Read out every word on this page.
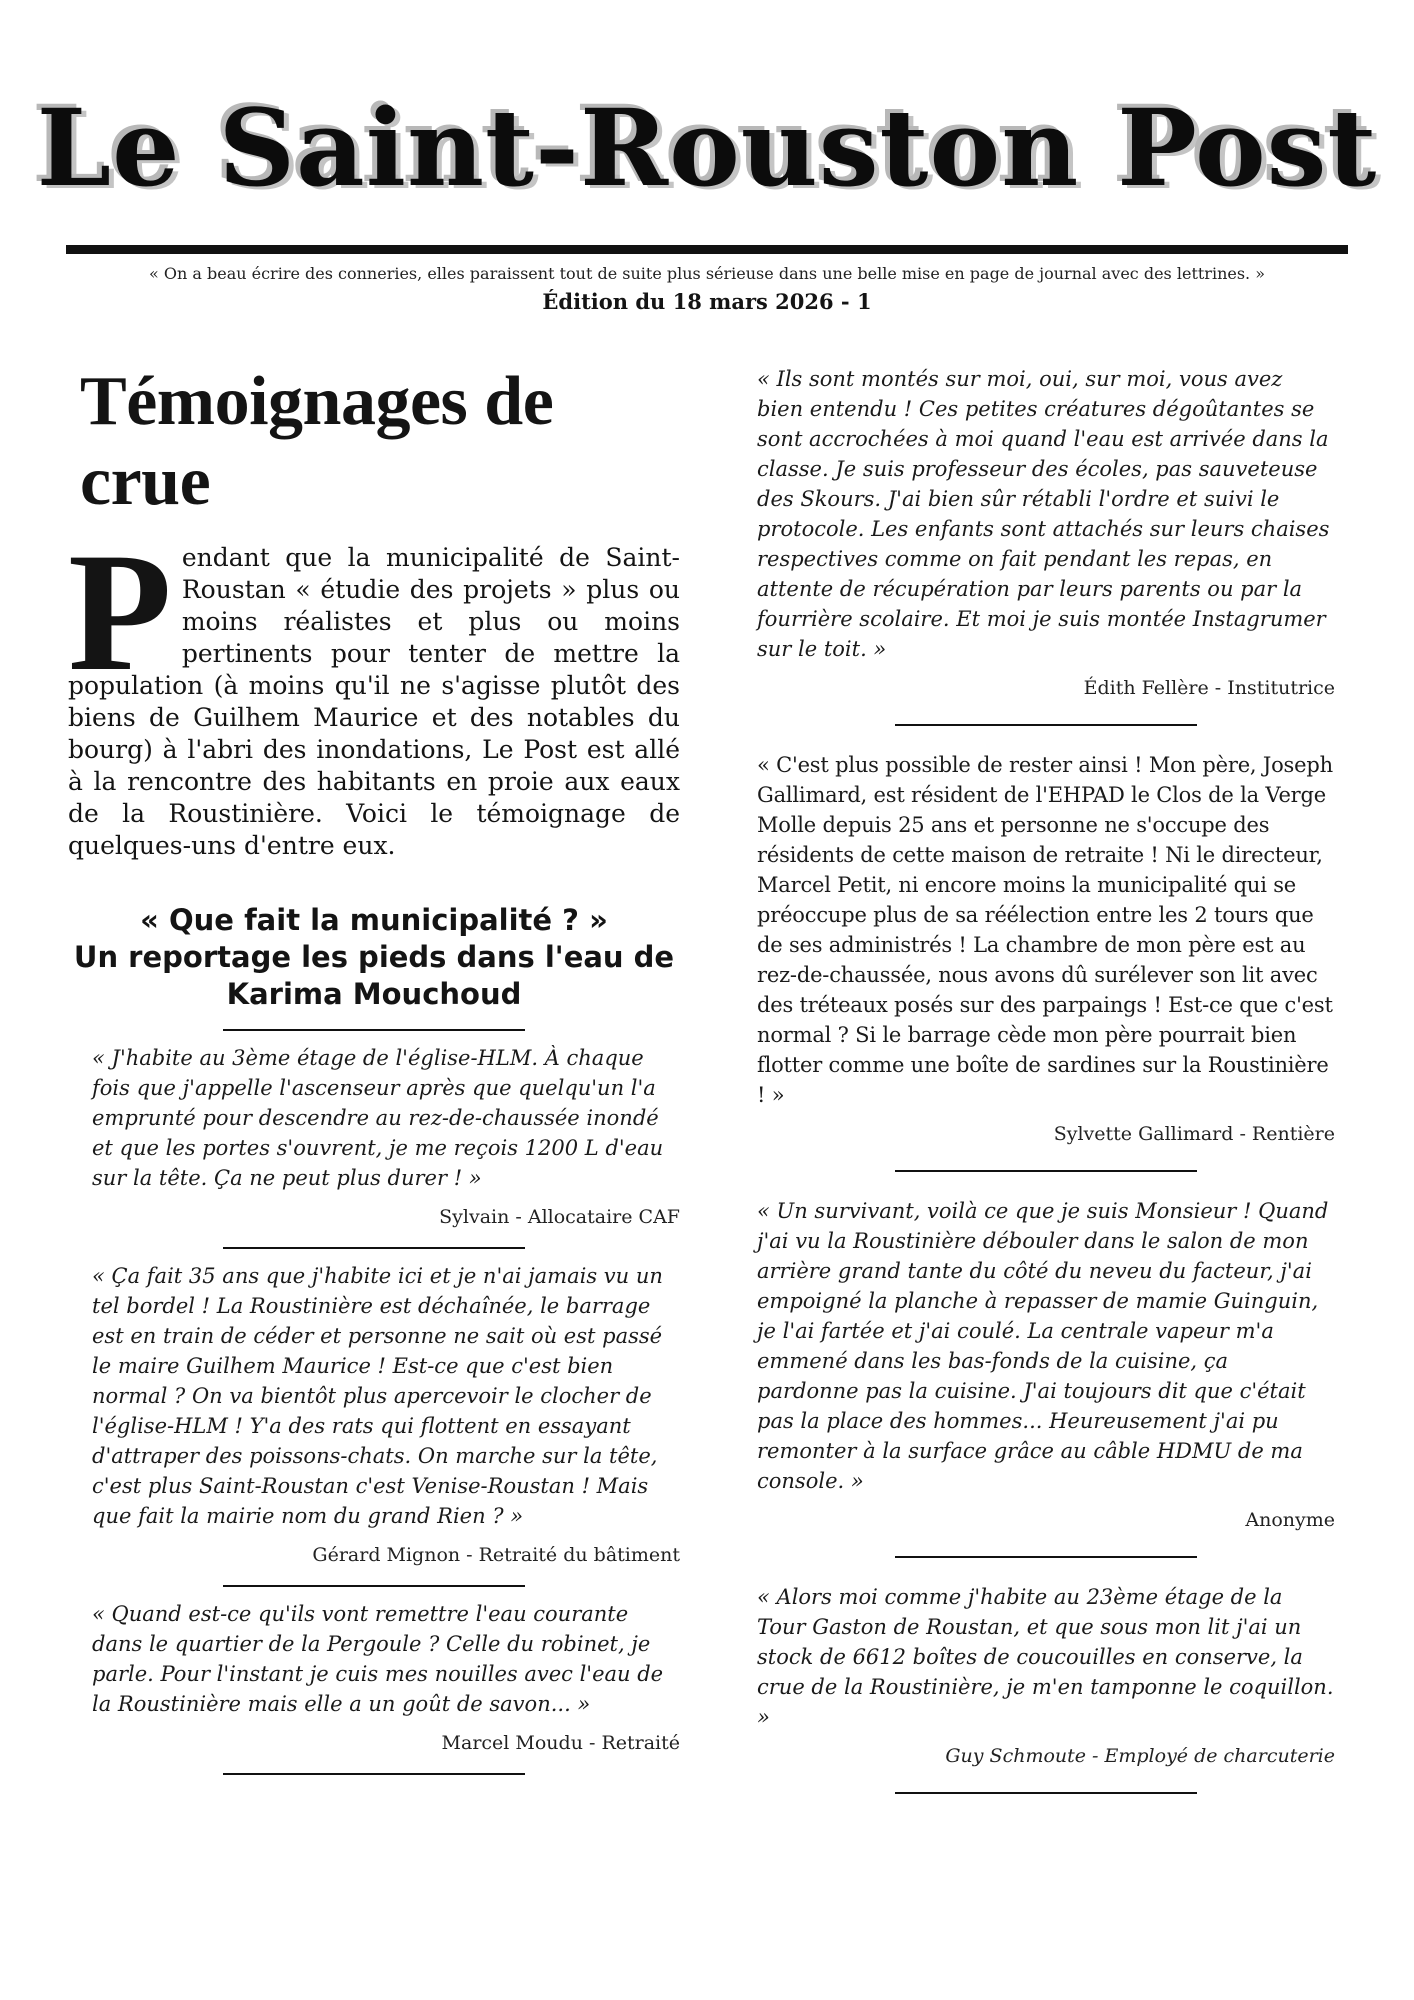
Le Saint-Rouston Post
« On a beau écrire des conneries, elles paraissent tout de suite plus sérieuse dans une belle mise en page de journal avec des lettrines. »
Édition du 18 mars 2026 - 1
Témoignages de crue

Pendant que la municipalité de Saint-Roustan « étudie des projets » plus ou moins réalistes et plus ou moins pertinents pour tenter de mettre la population (à moins qu'il ne s'agisse plutôt des biens de Guilhem Maurice et des notables du bourg) à l'abri des inondations, Le Post est allé à la rencontre des habitants en proie aux eaux de la Roustinière. Voici le témoignage de quelques-uns d'entre eux.

« Que fait la municipalité ? »
Un reportage les pieds dans l'eau de Karima Mouchoud

« J'habite au 3ème étage de l'église-HLM. À chaque fois que j'appelle l'ascenseur après que quelqu'un l'a emprunté pour descendre au rez-de-chaussée inondé et que les portes s'ouvrent, je me reçois 1200 L d'eau sur la tête. Ça ne peut plus durer ! »

Sylvain - Allocataire CAF

« Ça fait 35 ans que j'habite ici et je n'ai jamais vu un tel bordel ! La Roustinière est déchaînée, le barrage est en train de céder et personne ne sait où est passé le maire Guilhem Maurice ! Est-ce que c'est bien normal ? On va bientôt plus apercevoir le clocher de l'église-HLM ! Y'a des rats qui flottent en essayant d'attraper des poissons-chats. On marche sur la tête, c'est plus Saint-Roustan c'est Venise-Roustan ! Mais que fait la mairie nom du grand Rien ? »

Gérard Mignon - Retraité du bâtiment

« Quand est-ce qu'ils vont remettre l'eau courante dans le quartier de la Pergoule ? Celle du robinet, je parle. Pour l'instant je cuis mes nouilles avec l'eau de la Roustinière mais elle a un goût de savon... »

Marcel Moudu - Retraité

« Ils sont montés sur moi, oui, sur moi, vous avez bien entendu ! Ces petites créatures dégoûtantes se sont accrochées à moi quand l'eau est arrivée dans la classe. Je suis professeur des écoles, pas sauveteuse des Skours. J'ai bien sûr rétabli l'ordre et suivi le protocole. Les enfants sont attachés sur leurs chaises respectives comme on fait pendant les repas, en attente de récupération par leurs parents ou par la fourrière scolaire. Et moi je suis montée Instagrumer sur le toit. »

Édith Fellère - Institutrice

« C'est plus possible de rester ainsi ! Mon père, Joseph Gallimard, est résident de l'EHPAD le Clos de la Verge Molle depuis 25 ans et personne ne s'occupe des résidents de cette maison de retraite ! Ni le directeur, Marcel Petit, ni encore moins la municipalité qui se préoccupe plus de sa réélection entre les 2 tours que de ses administrés ! La chambre de mon père est au rez-de-chaussée, nous avons dû surélever son lit avec des tréteaux posés sur des parpaings ! Est-ce que c'est normal ? Si le barrage cède mon père pourrait bien flotter comme une boîte de sardines sur la Roustinière ! »

Sylvette Gallimard - Rentière

« Un survivant, voilà ce que je suis Monsieur ! Quand j'ai vu la Roustinière débouler dans le salon de mon arrière grand tante du côté du neveu du facteur, j'ai empoigné la planche à repasser de mamie Guinguin, je l'ai fartée et j'ai coulé. La centrale vapeur m'a emmené dans les bas-fonds de la cuisine, ça pardonne pas la cuisine. J'ai toujours dit que c'était pas la place des hommes... Heureusement j'ai pu remonter à la surface grâce au câble HDMU de ma console. »

Anonyme

« Alors moi comme j'habite au 23ème étage de la Tour Gaston de Roustan, et que sous mon lit j'ai un stock de 6612 boîtes de coucouilles en conserve, la crue de la Roustinière, je m'en tamponne le coquillon. »

Guy Schmoute - Employé de charcuterie
